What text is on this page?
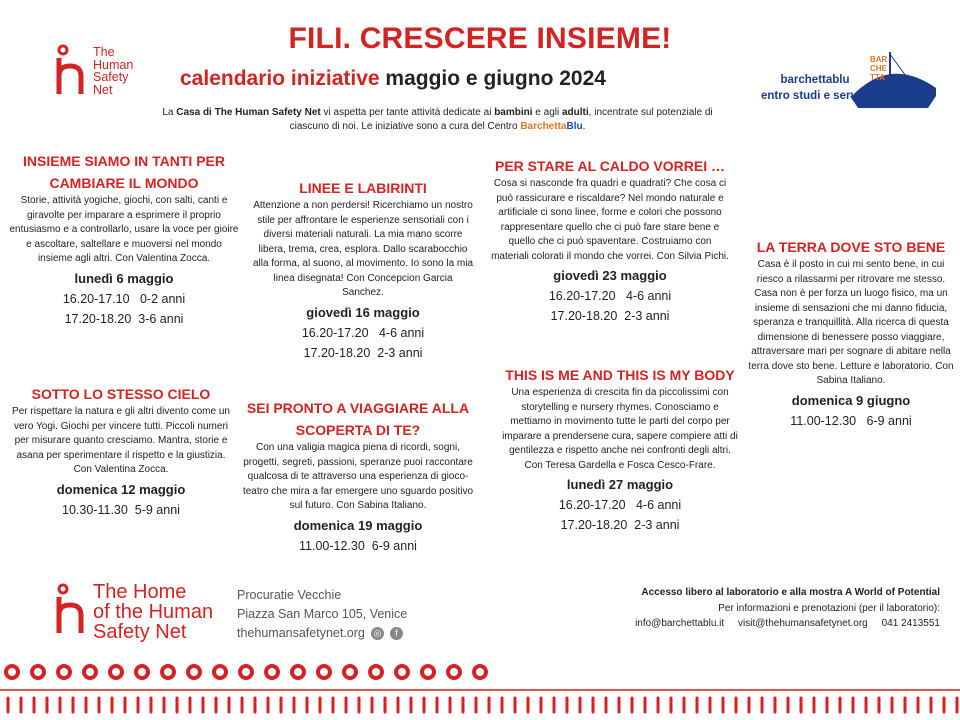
FILI. CRESCERE INSIEME!
calendario iniziative maggio e giugno 2024
La Casa di The Human Safety Net vi aspetta per tante attività dedicate ai bambini e agli adulti, incentrate sul potenziale di ciascuno di noi. Le iniziative sono a cura del Centro BarchettaBlu.
The
Human
Safety
Net
BAR
CHE
TTA
BLU
barchettablu
entro studi e servizi
INSIEME SIAMO IN TANTI PER CAMBIARE IL MONDO

Storie, attività yogiche, giochi, con salti, canti e giravolte per imparare a esprimere il proprio entusiasmo e a controllarlo, usare la voce per gioire e ascoltare, saltellare e muoversi nel mondo insieme agli altri. Con Valentina Zocca.

lunedì 6 maggio
16.20-17.10   0-2 anni
17.20-18.20  3-6 anni
LINEE E LABIRINTI

Attenzione a non perdersi! Ricerchiamo un nostro stile per affrontare le esperienze sensoriali con i diversi materiali naturali. La mia mano scorre libera, trema, crea, esplora. Dallo scarabocchio alla forma, al suono, al movimento. Io sono la mia linea disegnata! Con Concepcion Garcia Sanchez.

giovedì 16 maggio
16.20-17.20   4-6 anni
17.20-18.20  2-3 anni
PER STARE AL CALDO VORREI …

Cosa si nasconde fra quadri e quadrati? Che cosa ci può rassicurare e riscaldare? Nel mondo naturale e artificiale ci sono linee, forme e colori che possono rappresentare quello che ci può fare stare bene e quello che ci può spaventare. Costruiamo con materiali colorati il mondo che vorrei. Con Silvia Pichi.

giovedì 23 maggio
16.20-17.20   4-6 anni
17.20-18.20  2-3 anni
LA TERRA DOVE STO BENE

Casa è il posto in cui mi sento bene, in cui riesco a rilassarmi per ritrovare me stesso. Casa non è per forza un luogo fisico, ma un insieme di sensazioni che mi danno fiducia, speranza e tranquillità. Alla ricerca di questa dimensione di benessere posso viaggiare, attraversare mari per sognare di abitare nella terra dove sto bene. Letture e laboratorio. Con Sabina Italiano.

domenica 9 giugno
11.00-12.30   6-9 anni
SOTTO LO STESSO CIELO

Per rispettare la natura e gli altri divento come un vero Yogi. Giochi per vincere tutti. Piccoli numeri per misurare quanto cresciamo. Mantra, storie e asana per sperimentare il rispetto e la giustizia. Con Valentina Zocca.

domenica 12 maggio
10.30-11.30  5-9 anni
SEI PRONTO A VIAGGIARE ALLA SCOPERTA DI TE?

Con una valigia magica piena di ricordi, sogni, progetti, segreti, passioni, speranze puoi raccontare qualcosa di te attraverso una esperienza di gioco-teatro che mira a far emergere uno sguardo positivo sul futuro. Con Sabina Italiano.

domenica 19 maggio
11.00-12.30  6-9 anni
THIS IS ME AND THIS IS MY BODY

Una esperienza di crescita fin da piccolissimi con storytelling e nursery rhymes. Conosciamo e mettiamo in movimento tutte le parti del corpo per imparare a prendersene cura, sapere compiere atti di gentilezza e rispetto anche nei confronti degli altri. Con Teresa Gardella e Fosca Cesco-Frare.

lunedì 27 maggio
16.20-17.20   4-6 anni
17.20-18.20  2-3 anni
The Home
of the Human
Safety Net
Procuratie Vecchie
Piazza San Marco 105, Venice
thehumansafetynet.org ◎	f
Accesso libero al laboratorio e alla mostra A World of Potential
Per informazioni e prenotazioni (per il laboratorio):
info@barchettablu.it     visit@thehumansafetynet.org     041 2413551
